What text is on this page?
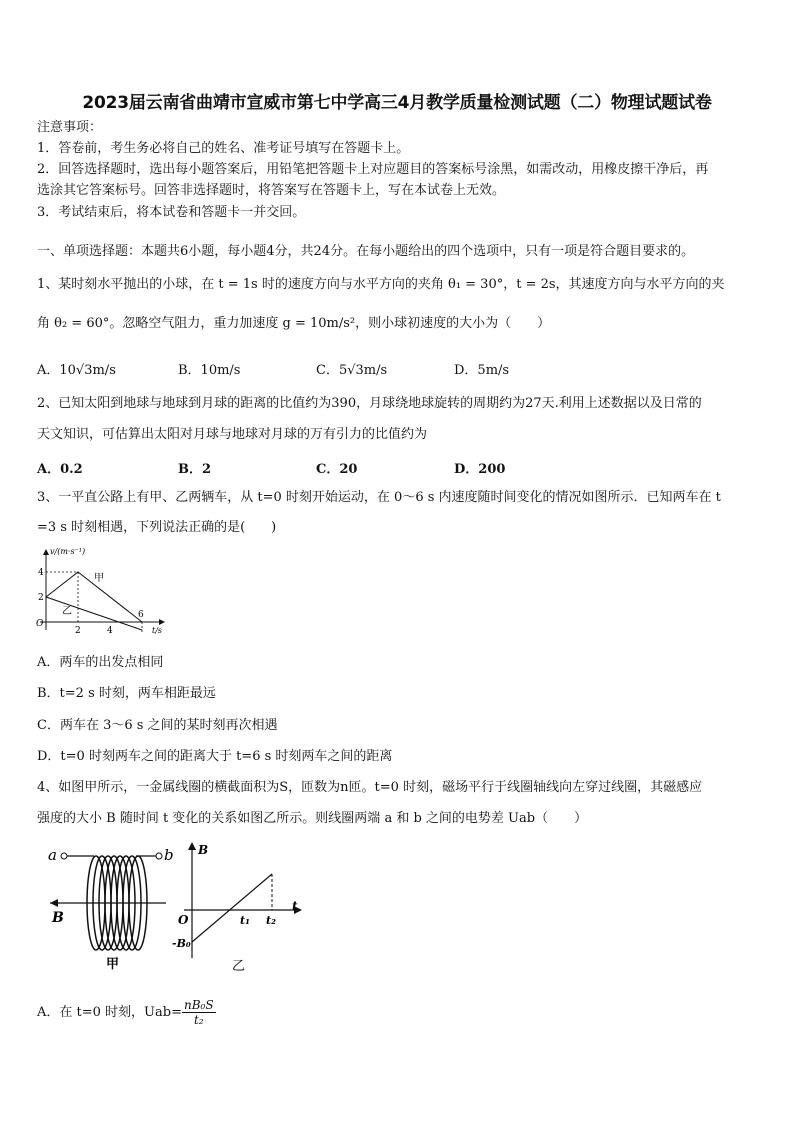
2023届云南省曲靖市宣威市第七中学高三4月教学质量检测试题（二）物理试题试卷
注意事项：
1．答卷前，考生务必将自己的姓名、准考证号填写在答题卡上。
2．回答选择题时，选出每小题答案后，用铅笔把答题卡上对应题目的答案标号涂黑，如需改动，用橡皮擦干净后，再
选涂其它答案标号。回答非选择题时，将答案写在答题卡上，写在本试卷上无效。
3．考试结束后，将本试卷和答题卡一并交回。
一、单项选择题：本题共6小题，每小题4分，共24分。在每小题给出的四个选项中，只有一项是符合题目要求的。
1、某时刻水平抛出的小球，在 t = 1s 时的速度方向与水平方向的夹角 θ₁ = 30°，t = 2s，其速度方向与水平方向的夹
角 θ₂ = 60°。忽略空气阻力，重力加速度 g = 10m/s²，则小球初速度的大小为（　　）
A．10√3m/s	B．10m/s	C．5√3m/s	D．5m/s
2、已知太阳到地球与地球到月球的距离的比值约为390，月球绕地球旋转的周期约为27天.利用上述数据以及日常的
天文知识，可估算出太阳对月球与地球对月球的万有引力的比值约为
A．0.2	B．2	C．20	D．200
3、一平直公路上有甲、乙两辆车，从 t=0 时刻开始运动，在 0～6 s 内速度随时间变化的情况如图所示．已知两车在 t
=3 s 时刻相遇，下列说法正确的是(　　)
v/(m·s⁻¹)
t/s
O
4
2
2	4
6
甲
乙
A．两车的出发点相同
B．t=2 s 时刻，两车相距最远
C．两车在 3～6 s 之间的某时刻再次相遇
D．t=0 时刻两车之间的距离大于 t=6 s 时刻两车之间的距离
4、如图甲所示，一金属线圈的横截面积为S，匝数为n匝。t=0 时刻，磁场平行于线圈轴线向左穿过线圈，其磁感应
强度的大小 B 随时间 t 变化的关系如图乙所示。则线圈两端 a 和 b 之间的电势差 Uab（　　）
a	b
B
甲
B
O
t
t₁ t₂
-B₀
乙
A．在 t=0 时刻，$Uab= \frac{\text{nB₀S}}{\text{t₂}}$
